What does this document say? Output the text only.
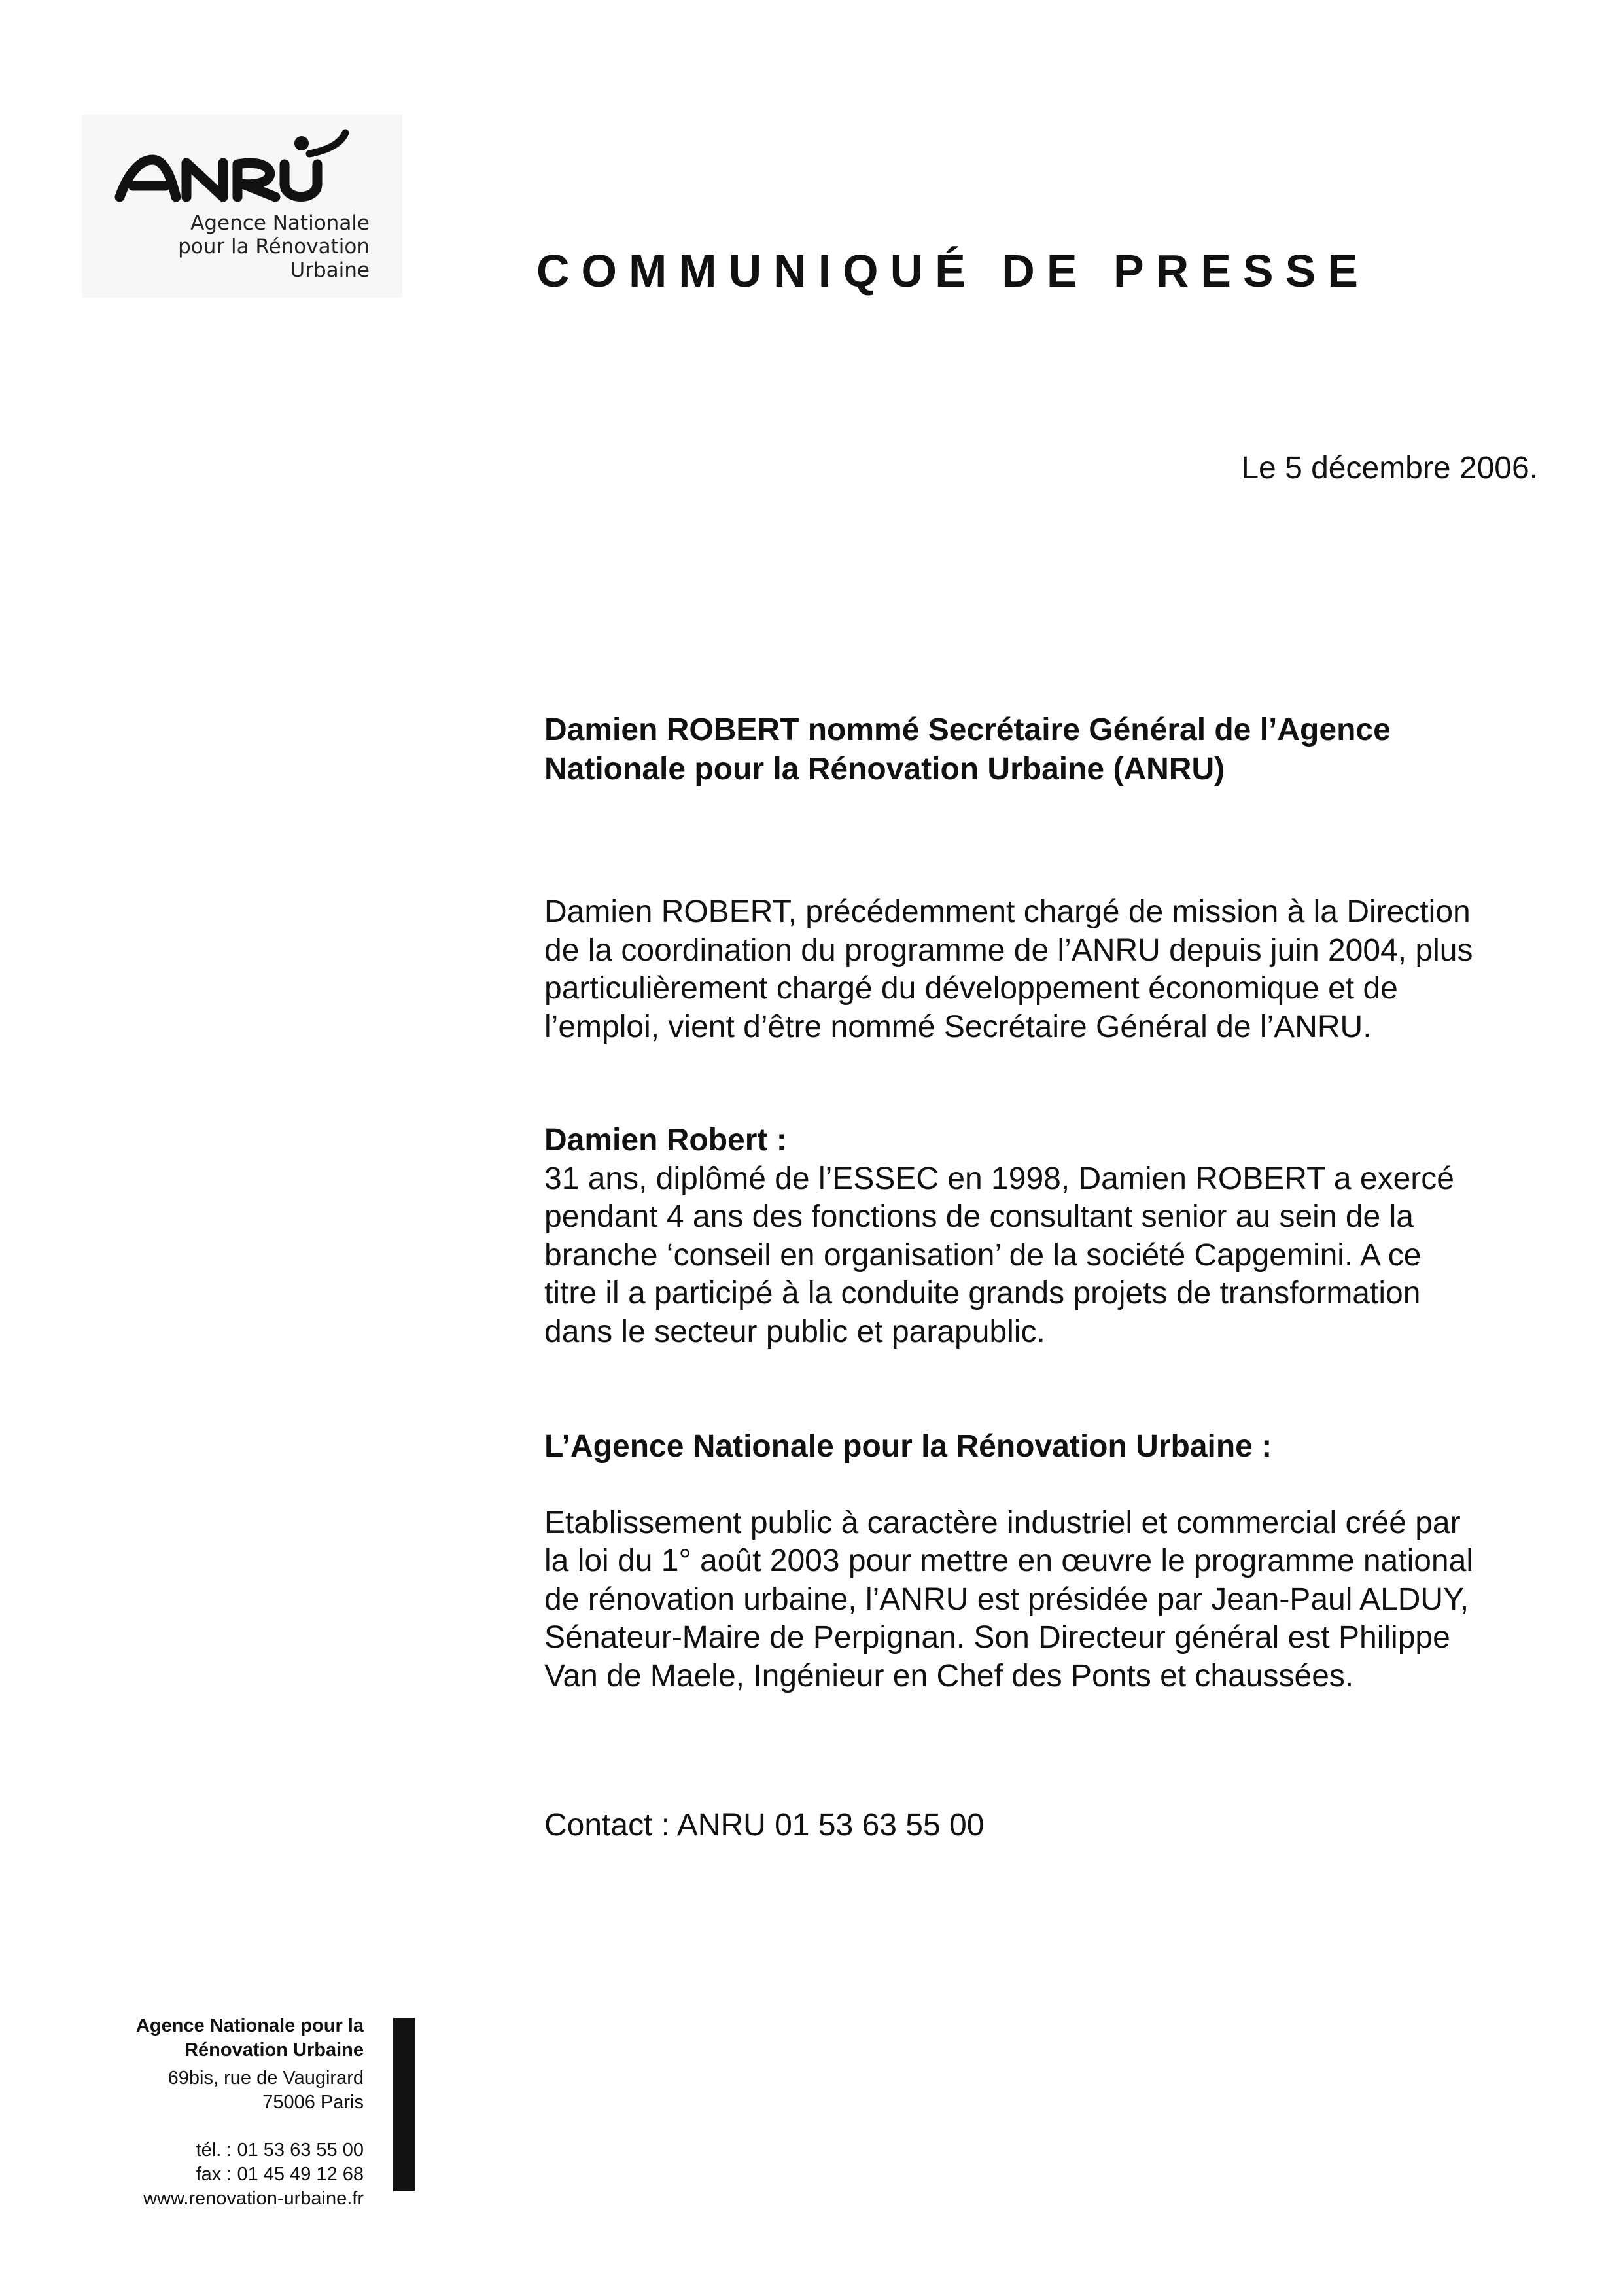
Agence Nationale
pour la Rénovation
Urbaine	COMMUNIQUÉ DE PRESSE
Le 5 décembre 2006.

Damien ROBERT nommé Secrétaire Général de l’Agence
Nationale pour la Rénovation Urbaine (ANRU)

Damien ROBERT, précédemment chargé de mission à la Direction
de la coordination du programme de l’ANRU depuis juin 2004, plus
particulièrement chargé du développement économique et de
l’emploi, vient d’être nommé Secrétaire Général de l’ANRU.

Damien Robert :
31 ans, diplômé de l’ESSEC en 1998, Damien ROBERT a exercé
pendant 4 ans des fonctions de consultant senior au sein de la
branche ‘conseil en organisation’ de la société Capgemini. A ce
titre il a participé à la conduite grands projets de transformation
dans le secteur public et parapublic.

L’Agence Nationale pour la Rénovation Urbaine :

Etablissement public à caractère industriel et commercial créé par
la loi du 1° août 2003 pour mettre en œuvre le programme national
de rénovation urbaine, l’ANRU est présidée par Jean-Paul ALDUY,
Sénateur-Maire de Perpignan. Son Directeur général est Philippe
Van de Maele, Ingénieur en Chef des Ponts et chaussées.

Contact : ANRU 01 53 63 55 00

Agence Nationale pour la
Rénovation Urbaine
69bis, rue de Vaugirard
75006 Paris
tél. : 01 53 63 55 00
fax : 01 45 49 12 68
www.renovation-urbaine.fr
